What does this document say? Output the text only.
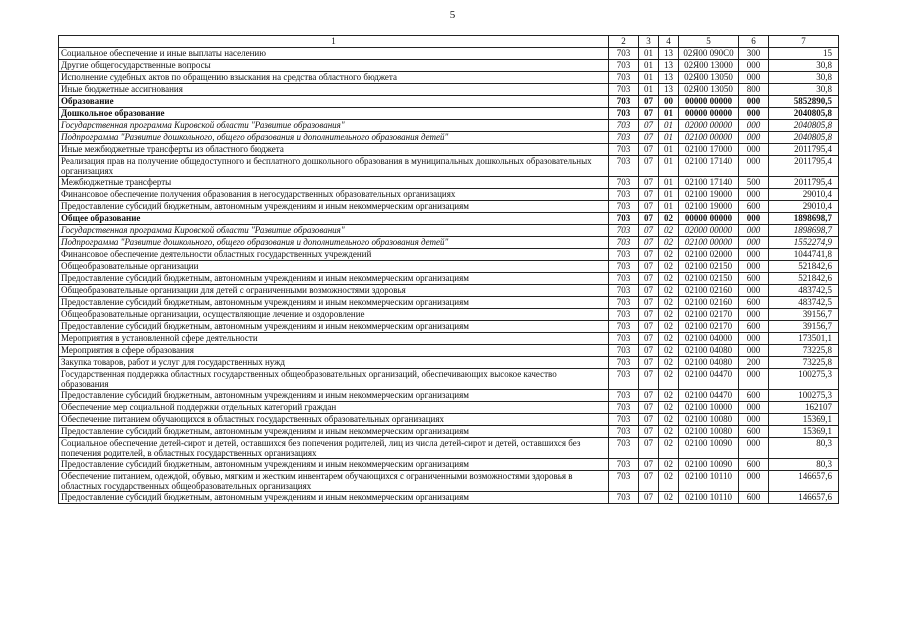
5
1	2	3	4	5	6	7
Социальное обеспечение и иные выплаты населению	703	01	13	02Я00 090С0	300	15
Другие общегосударственные вопросы	703	01	13	02Я00 13000	000	30,8
Исполнение судебных актов по обращению взыскания на средства областного бюджета	703	01	13	02Я00 13050	000	30,8
Иные бюджетные ассигнования	703	01	13	02Я00 13050	800	30,8
Образование	703	07	00	00000 00000	000	5852890,5
Дошкольное образование	703	07	01	00000 00000	000	2040805,8
Государственная программа Кировской области "Развитие образования"	703	07	01	02000 00000	000	2040805,8
Подпрограмма "Развитие дошкольного, общего образования и дополнительного образования детей"	703	07	01	02100 00000	000	2040805,8
Иные межбюджетные трансферты из областного бюджета	703	07	01	02100 17000	000	2011795,4
Реализация прав на получение общедоступного и бесплатного дошкольного образования в муниципальных дошкольных образовательных организациях	703	07	01	02100 17140	000	2011795,4
Межбюджетные трансферты	703	07	01	02100 17140	500	2011795,4
Финансовое обеспечение получения образования в негосударственных образовательных организациях	703	07	01	02100 19000	000	29010,4
Предоставление субсидий бюджетным, автономным учреждениям и иным некоммерческим организациям	703	07	01	02100 19000	600	29010,4
Общее образование	703	07	02	00000 00000	000	1898698,7
Государственная программа Кировской области "Развитие образования"	703	07	02	02000 00000	000	1898698,7
Подпрограмма "Развитие дошкольного, общего образования и дополнительного образования детей"	703	07	02	02100 00000	000	1552274,9
Финансовое обеспечение деятельности областных государственных учреждений	703	07	02	02100 02000	000	1044741,8
Общеобразовательные организации	703	07	02	02100 02150	000	521842,6
Предоставление субсидий бюджетным, автономным учреждениям и иным некоммерческим организациям	703	07	02	02100 02150	600	521842,6
Общеобразовательные организации для детей с ограниченными возможностями здоровья	703	07	02	02100 02160	000	483742,5
Предоставление субсидий бюджетным, автономным учреждениям и иным некоммерческим организациям	703	07	02	02100 02160	600	483742,5
Общеобразовательные организации, осуществляющие лечение и оздоровление	703	07	02	02100 02170	000	39156,7
Предоставление субсидий бюджетным, автономным учреждениям и иным некоммерческим организациям	703	07	02	02100 02170	600	39156,7
Мероприятия в установленной сфере деятельности	703	07	02	02100 04000	000	173501,1
Мероприятия в сфере образования	703	07	02	02100 04080	000	73225,8
Закупка товаров, работ и услуг для государственных нужд	703	07	02	02100 04080	200	73225,8
Государственная поддержка областных государственных общеобразовательных организаций, обеспечивающих высокое качество образования	703	07	02	02100 04470	000	100275,3
Предоставление субсидий бюджетным, автономным учреждениям и иным некоммерческим организациям	703	07	02	02100 04470	600	100275,3
Обеспечение мер социальной поддержки отдельных категорий граждан	703	07	02	02100 10000	000	162107
Обеспечение питанием обучающихся в областных государственных образовательных организациях	703	07	02	02100 10080	000	15369,1
Предоставление субсидий бюджетным, автономным учреждениям и иным некоммерческим организациям	703	07	02	02100 10080	600	15369,1
Социальное обеспечение детей-сирот и детей, оставшихся без попечения родителей, лиц из числа детей-сирот и детей, оставшихся без попечения родителей, в областных государственных организациях	703	07	02	02100 10090	000	80,3
Предоставление субсидий бюджетным, автономным учреждениям и иным некоммерческим организациям	703	07	02	02100 10090	600	80,3
Обеспечение питанием, одеждой, обувью, мягким и жестким инвентарем обучающихся с ограниченными возможностями здоровья в областных государственных общеобразовательных организациях	703	07	02	02100 10110	000	146657,6
Предоставление субсидий бюджетным, автономным учреждениям и иным некоммерческим организациям	703	07	02	02100 10110	600	146657,6
